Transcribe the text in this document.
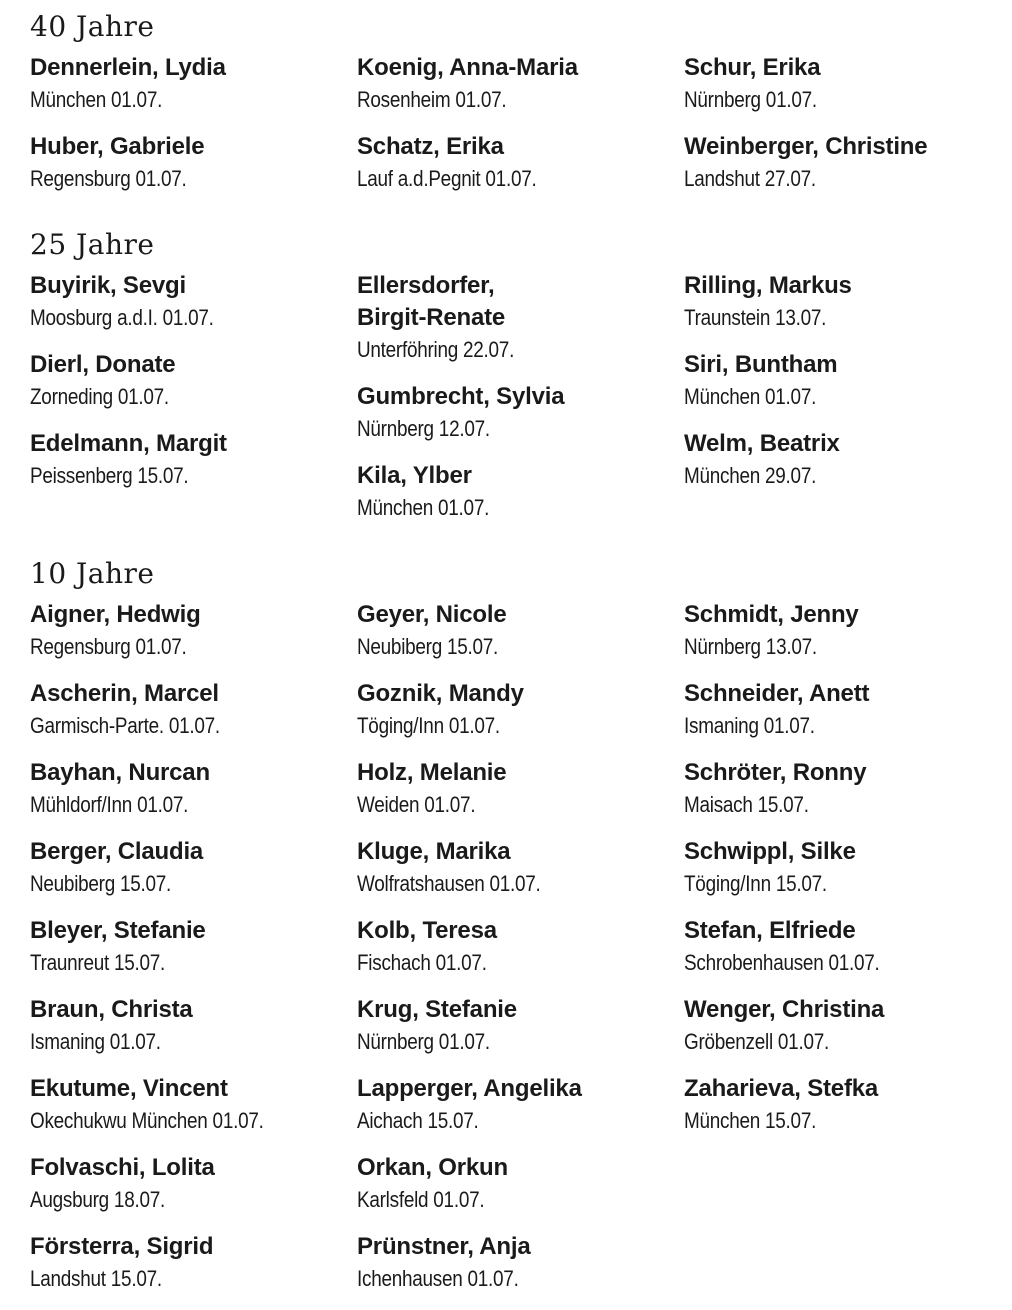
40 Jahre
Dennerlein, Lydia
München 01.07.
Huber, Gabriele
Regensburg 01.07.
Koenig, Anna-Maria
Rosenheim 01.07.
Schatz, Erika
Lauf a.d.Pegnit 01.07.
Schur, Erika
Nürnberg 01.07.
Weinberger, Christine
Landshut 27.07.
25 Jahre
Buyirik, Sevgi
Moosburg a.d.I. 01.07.
Dierl, Donate
Zorneding 01.07.
Edelmann, Margit
Peissenberg 15.07.
Ellersdorfer,
Birgit-Renate
Unterföhring 22.07.
Gumbrecht, Sylvia
Nürnberg 12.07.
Kila, Ylber
München 01.07.
Rilling, Markus
Traunstein 13.07.
Siri, Buntham
München 01.07.
Welm, Beatrix
München 29.07.
10 Jahre
Aigner, Hedwig
Regensburg 01.07.
Ascherin, Marcel
Garmisch-Parte. 01.07.
Bayhan, Nurcan
Mühldorf/Inn 01.07.
Berger, Claudia
Neubiberg 15.07.
Bleyer, Stefanie
Traunreut 15.07.
Braun, Christa
Ismaning 01.07.
Ekutume, Vincent
Okechukwu München 01.07.
Folvaschi, Lolita
Augsburg 18.07.
Försterra, Sigrid
Landshut 15.07.
Geyer, Nicole
Neubiberg 15.07.
Goznik, Mandy
Töging/Inn 01.07.
Holz, Melanie
Weiden 01.07.
Kluge, Marika
Wolfratshausen 01.07.
Kolb, Teresa
Fischach 01.07.
Krug, Stefanie
Nürnberg 01.07.
Lapperger, Angelika
Aichach 15.07.
Orkan, Orkun
Karlsfeld 01.07.
Prünstner, Anja
Ichenhausen 01.07.
Schmidt, Jenny
Nürnberg 13.07.
Schneider, Anett
Ismaning 01.07.
Schröter, Ronny
Maisach 15.07.
Schwippl, Silke
Töging/Inn 15.07.
Stefan, Elfriede
Schrobenhausen 01.07.
Wenger, Christina
Gröbenzell 01.07.
Zaharieva, Stefka
München 15.07.
